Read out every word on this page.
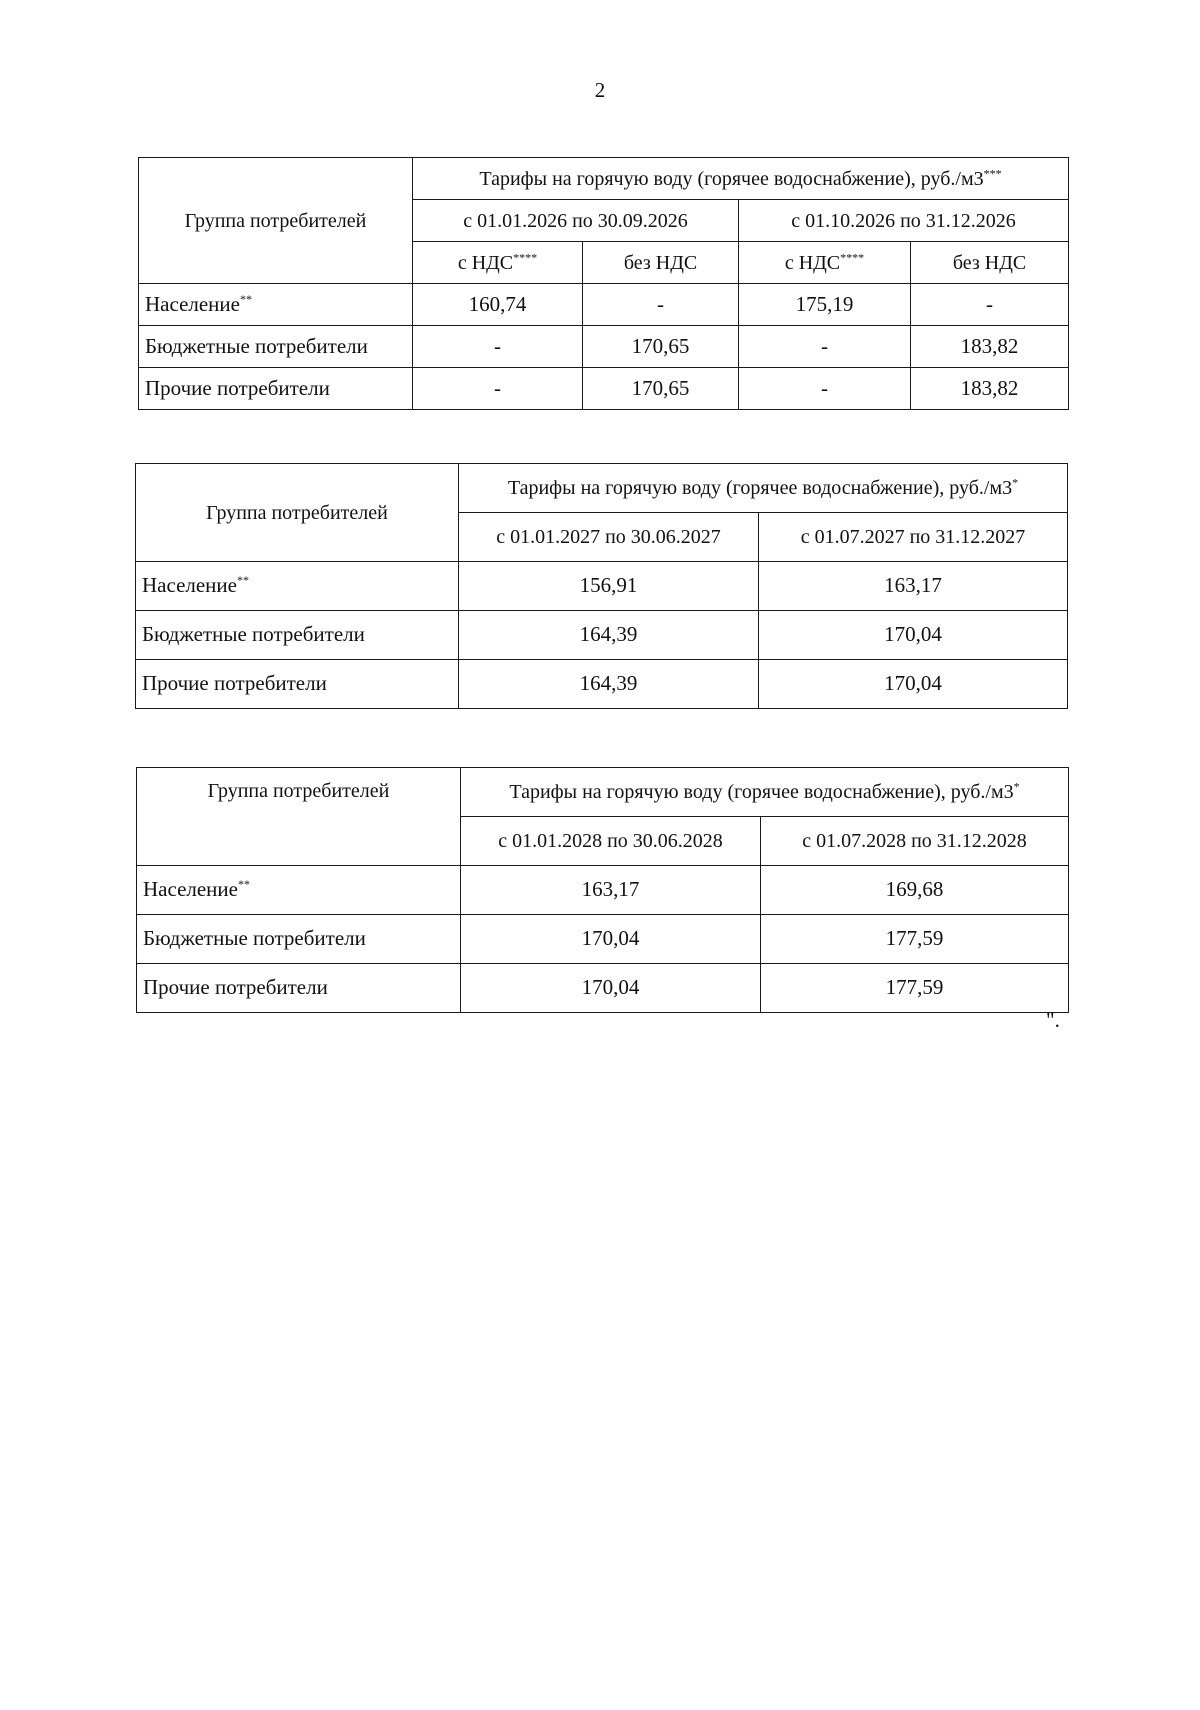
2
Группа потребителей	Тарифы на горячую воду (горячее водоснабжение), руб./м3***
	с 01.01.2026 по 30.09.2026		с 01.10.2026 по 31.12.2026	
	с НДС****	без НДС	с НДС****	без НДС
Население**	160,74	-	175,19	-
Бюджетные потребители	-	170,65	-	183,82
Прочие потребители	-	170,65	-	183,82
Группа потребителей	Тарифы на горячую воду (горячее водоснабжение), руб./м3*
	с 01.01.2027 по 30.06.2027	с 01.07.2027 по 31.12.2027
Население**	156,91	163,17
Бюджетные потребители	164,39	170,04
Прочие потребители	164,39	170,04
Группа потребителей	Тарифы на горячую воду (горячее водоснабжение), руб./м3*
	с 01.01.2028 по 30.06.2028	с 01.07.2028 по 31.12.2028
Население**	163,17	169,68
Бюджетные потребители	170,04	177,59
Прочие потребители	170,04	177,59
".
